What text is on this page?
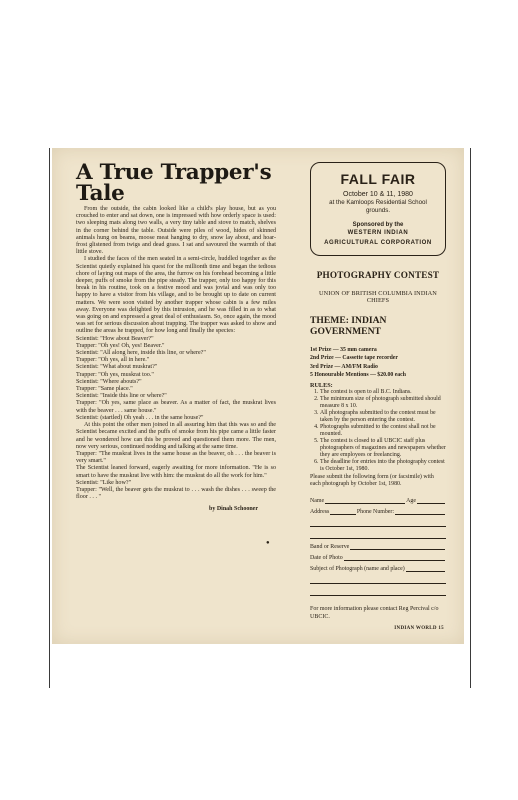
A True Trapper's Tale

From the outside, the cabin looked like a child's play house, but as you crouched to enter and sat down, one is impressed with how orderly space is used: two sleeping mats along two walls, a very tiny table and stove to match, shelves in the corner behind the table. Outside were piles of wood, hides of skinned animals hung on beams, moose meat hanging to dry, snow lay about, and hoar-frost glistened from twigs and dead grass. I sat and savoured the warmth of that little stove.

I studied the faces of the men seated in a semi-circle, huddled together as the Scientist quietly explained his quest for the millionth time and began the tedious chore of laying out maps of the area, the furrow on his forehead becoming a little deeper, puffs of smoke from the pipe steady. The trapper, only too happy for this break in his routine, took on a festive mood and was jovial and was only too happy to have a visitor from his village, and to be brought up to date on current matters. We were soon visited by another trapper whose cabin is a few miles away. Everyone was delighted by this intrusion, and he was filled in as to what was going on and expressed a great deal of enthusiasm. So, once again, the mood was set for serious discussion about trapping. The trapper was asked to show and outline the areas he trapped, for how long and finally the species:

Scientist: "How about Beaver?"

Trapper: "Oh yes! Oh, yes! Beaver."

Scientist: "All along here, inside this line, or where?"

Trapper: "Oh yes, all in here."

Scientist: "What about muskrat?"

Trapper: "Oh yes, muskrat too."

Scientist: "Where abouts?"

Trapper: "Same place."

Scientist: "Inside this line or where?"

Trapper: "Oh yes, same place as beaver. As a matter of fact, the muskrat lives with the beaver . . . same house."

Scientist: (startled) Oh yeah . . . in the same house?"

At this point the other men joined in all assuring him that this was so and the Scientist became excited and the puffs of smoke from his pipe came a little faster and he wondered how can this be proved and questioned them more. The men, now very serious, continued nodding and talking at the same time.

Trapper: "The muskrat lives in the same house as the beaver, oh . . . the beaver is very smart."

The Scientist leaned forward, eagerly awaiting for more information. "He is so smart to have the muskrat live with him: the muskrat do all the work for him."

Scientist: "Like how?"

Trapper: "Well, the beaver gets the muskrat to . . . wash the dishes . . . sweep the floor . . . "

by Dinah Schooner
FALL FAIR
October 10 & 11, 1980
at the Kamloops Residential School grounds.
Sponsored by the
WESTERN INDIAN
AGRICULTURAL CORPORATION
PHOTOGRAPHY CONTEST
UNION OF BRITISH COLUMBIA INDIAN CHIEFS
THEME: INDIAN GOVERNMENT
1st Prize — 35 mm camera
2nd Prize — Cassette tape recorder
3rd Prize — AM/FM Radio
5 Honourable Mentions — $20.00 each
RULES:
1. The contest is open to all B.C. Indians.
2. The minimum size of photograph submitted should measure 8 x 10.
3. All photographs submitted to the contest must be taken by the person entering the contest.
4. Photographs submitted to the contest shall not be mounted.
5. The contest is closed to all UBCIC staff plus photographers of magazines and newspapers whether they are employees or freelancing.
6. The deadline for entries into the photography contest is October 1st, 1980.
Please submit the following form (or facsimile) with each photograph by October 1st, 1980.
Name	Age
Address	Phone Number:
Band or Reserve
Date of Photo
Subject of Photograph (name and place)
For more information please contact Reg Percival c/o UBCIC.
●
INDIAN WORLD 15
